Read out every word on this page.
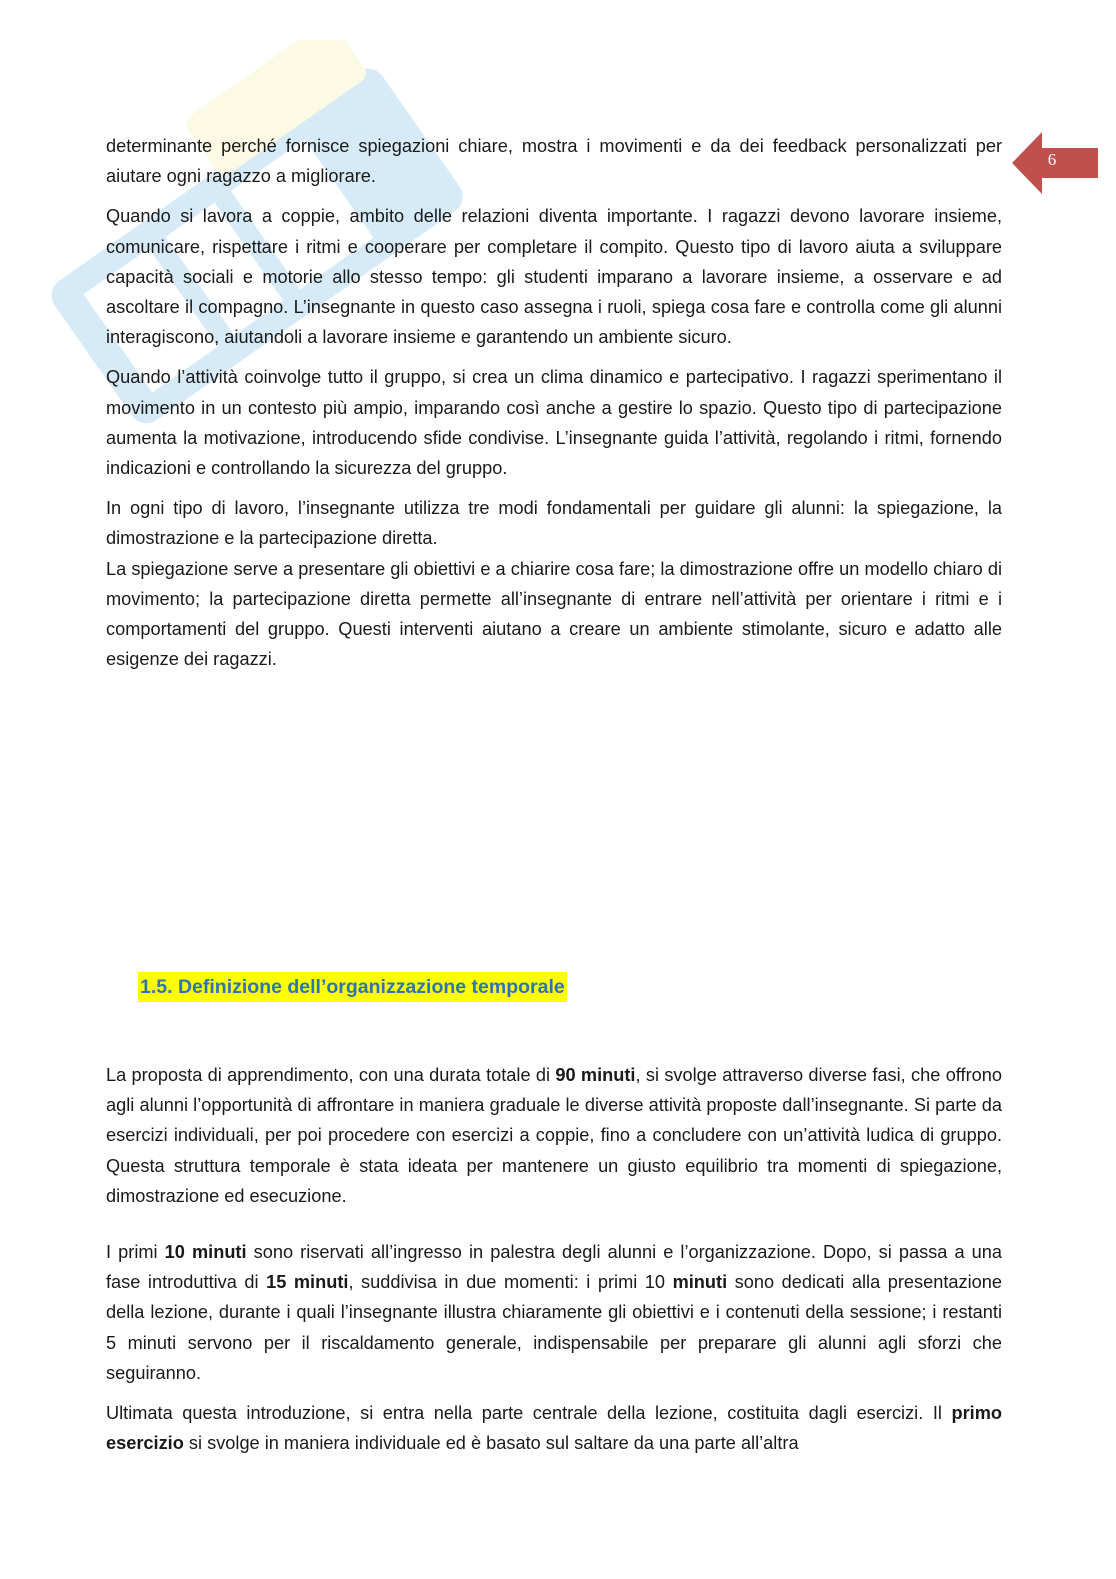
6

determinante perché fornisce spiegazioni chiare, mostra i movimenti e da dei feedback personalizzati per aiutare ogni ragazzo a migliorare.

Quando si lavora a coppie, ambito delle relazioni diventa importante. I ragazzi devono lavorare insieme, comunicare, rispettare i ritmi e cooperare per completare il compito. Questo tipo di lavoro aiuta a sviluppare capacità sociali e motorie allo stesso tempo: gli studenti imparano a lavorare insieme, a osservare e ad ascoltare il compagno. L’insegnante in questo caso assegna i ruoli, spiega cosa fare e controlla come gli alunni interagiscono, aiutandoli a lavorare insieme e garantendo un ambiente sicuro.

Quando l’attività coinvolge tutto il gruppo, si crea un clima dinamico e partecipativo. I ragazzi sperimentano il movimento in un contesto più ampio, imparando così anche a gestire lo spazio. Questo tipo di partecipazione aumenta la motivazione, introducendo sfide condivise. L’insegnante guida l’attività, regolando i ritmi, fornendo indicazioni e controllando la sicurezza del gruppo.

In ogni tipo di lavoro, l’insegnante utilizza tre modi fondamentali per guidare gli alunni: la spiegazione, la dimostrazione e la partecipazione diretta.

La spiegazione serve a presentare gli obiettivi e a chiarire cosa fare; la dimostrazione offre un modello chiaro di movimento; la partecipazione diretta permette all’insegnante di entrare nell’attività per orientare i ritmi e i comportamenti del gruppo. Questi interventi aiutano a creare un ambiente stimolante, sicuro e adatto alle esigenze dei ragazzi.

1.5. Definizione dell’organizzazione temporale

La proposta di apprendimento, con una durata totale di 90 minuti, si svolge attraverso diverse fasi, che offrono agli alunni l’opportunità di affrontare in maniera graduale le diverse attività proposte dall’insegnante. Si parte da esercizi individuali, per poi procedere con esercizi a coppie, fino a concludere con un’attività ludica di gruppo. Questa struttura temporale è stata ideata per mantenere un giusto equilibrio tra momenti di spiegazione, dimostrazione ed esecuzione.

I primi 10 minuti sono riservati all’ingresso in palestra degli alunni e l’organizzazione. Dopo, si passa a una fase introduttiva di 15 minuti, suddivisa in due momenti: i primi 10 minuti sono dedicati alla presentazione della lezione, durante i quali l’insegnante illustra chiaramente gli obiettivi e i contenuti della sessione; i restanti 5 minuti servono per il riscaldamento generale, indispensabile per preparare gli alunni agli sforzi che seguiranno.

Ultimata questa introduzione, si entra nella parte centrale della lezione, costituita dagli esercizi. Il primo esercizio si svolge in maniera individuale ed è basato sul saltare da una parte all’altra
